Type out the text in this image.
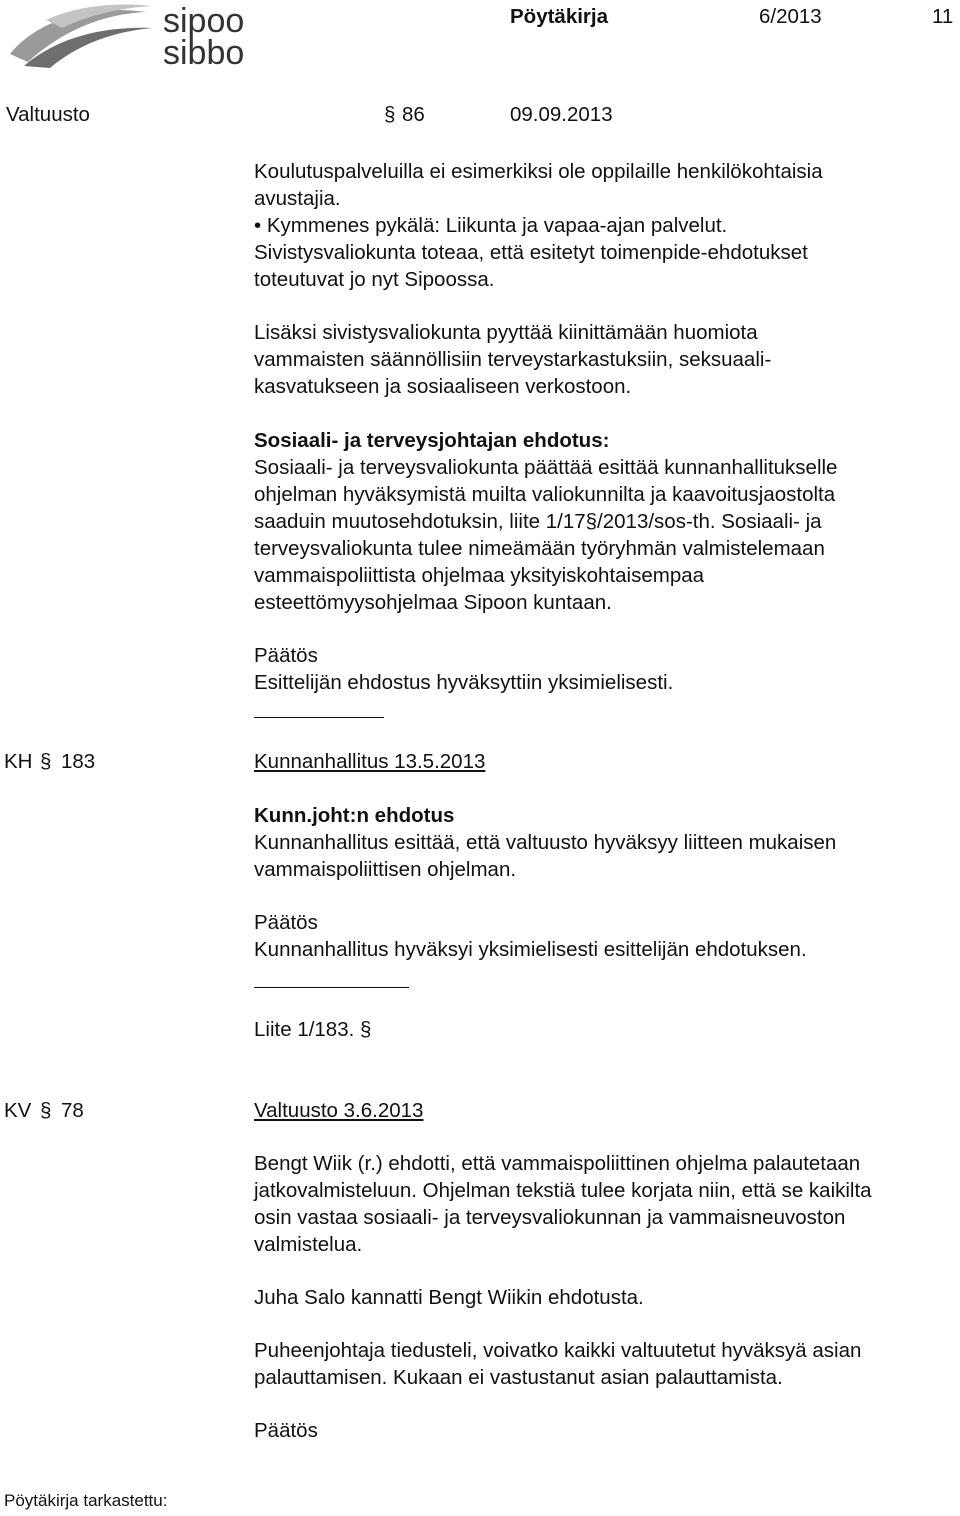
sipoo
sibbo
Pöytäkirja	6/2013	11
Valtuusto	§ 86	09.09.2013
Koulutuspalveluilla ei esimerkiksi ole oppilaille henkilökohtaisia
avustajia.
• Kymmenes pykälä: Liikunta ja vapaa-ajan palvelut.
Sivistysvaliokunta toteaa, että esitetyt toimenpide-ehdotukset
toteutuvat jo nyt Sipoossa.
Lisäksi sivistysvaliokunta pyyttää kiinittämään huomiota
vammaisten säännöllisiin terveystarkastuksiin, seksuaali-
kasvatukseen ja sosiaaliseen verkostoon.
Sosiaali- ja terveysjohtajan ehdotus:
Sosiaali- ja terveysvaliokunta päättää esittää kunnanhallitukselle
ohjelman hyväksymistä muilta valiokunnilta ja kaavoitusjaostolta
saaduin muutosehdotuksin, liite 1/17§/2013/sos-th. Sosiaali- ja
terveysvaliokunta tulee nimeämään työryhmän valmistelemaan
vammaispoliittista ohjelmaa yksityiskohtaisempaa
esteettömyysohjelmaa Sipoon kuntaan.
Päätös
Esittelijän ehdostus hyväksyttiin yksimielisesti.
KH § 183	Kunnanhallitus 13.5.2013
Kunn.joht:n ehdotus
Kunnanhallitus esittää, että valtuusto hyväksyy liitteen mukaisen
vammaispoliittisen ohjelman.
Päätös
Kunnanhallitus hyväksyi yksimielisesti esittelijän ehdotuksen.
Liite 1/183. §
KV § 78	Valtuusto 3.6.2013
Bengt Wiik (r.) ehdotti, että vammaispoliittinen ohjelma palautetaan
jatkovalmisteluun. Ohjelman tekstiä tulee korjata niin, että se kaikilta
osin vastaa sosiaali- ja terveysvaliokunnan ja vammaisneuvoston
valmistelua.
Juha Salo kannatti Bengt Wiikin ehdotusta.
Puheenjohtaja tiedusteli, voivatko kaikki valtuutetut hyväksyä asian
palauttamisen. Kukaan ei vastustanut asian palauttamista.
Päätös
Pöytäkirja tarkastettu:
